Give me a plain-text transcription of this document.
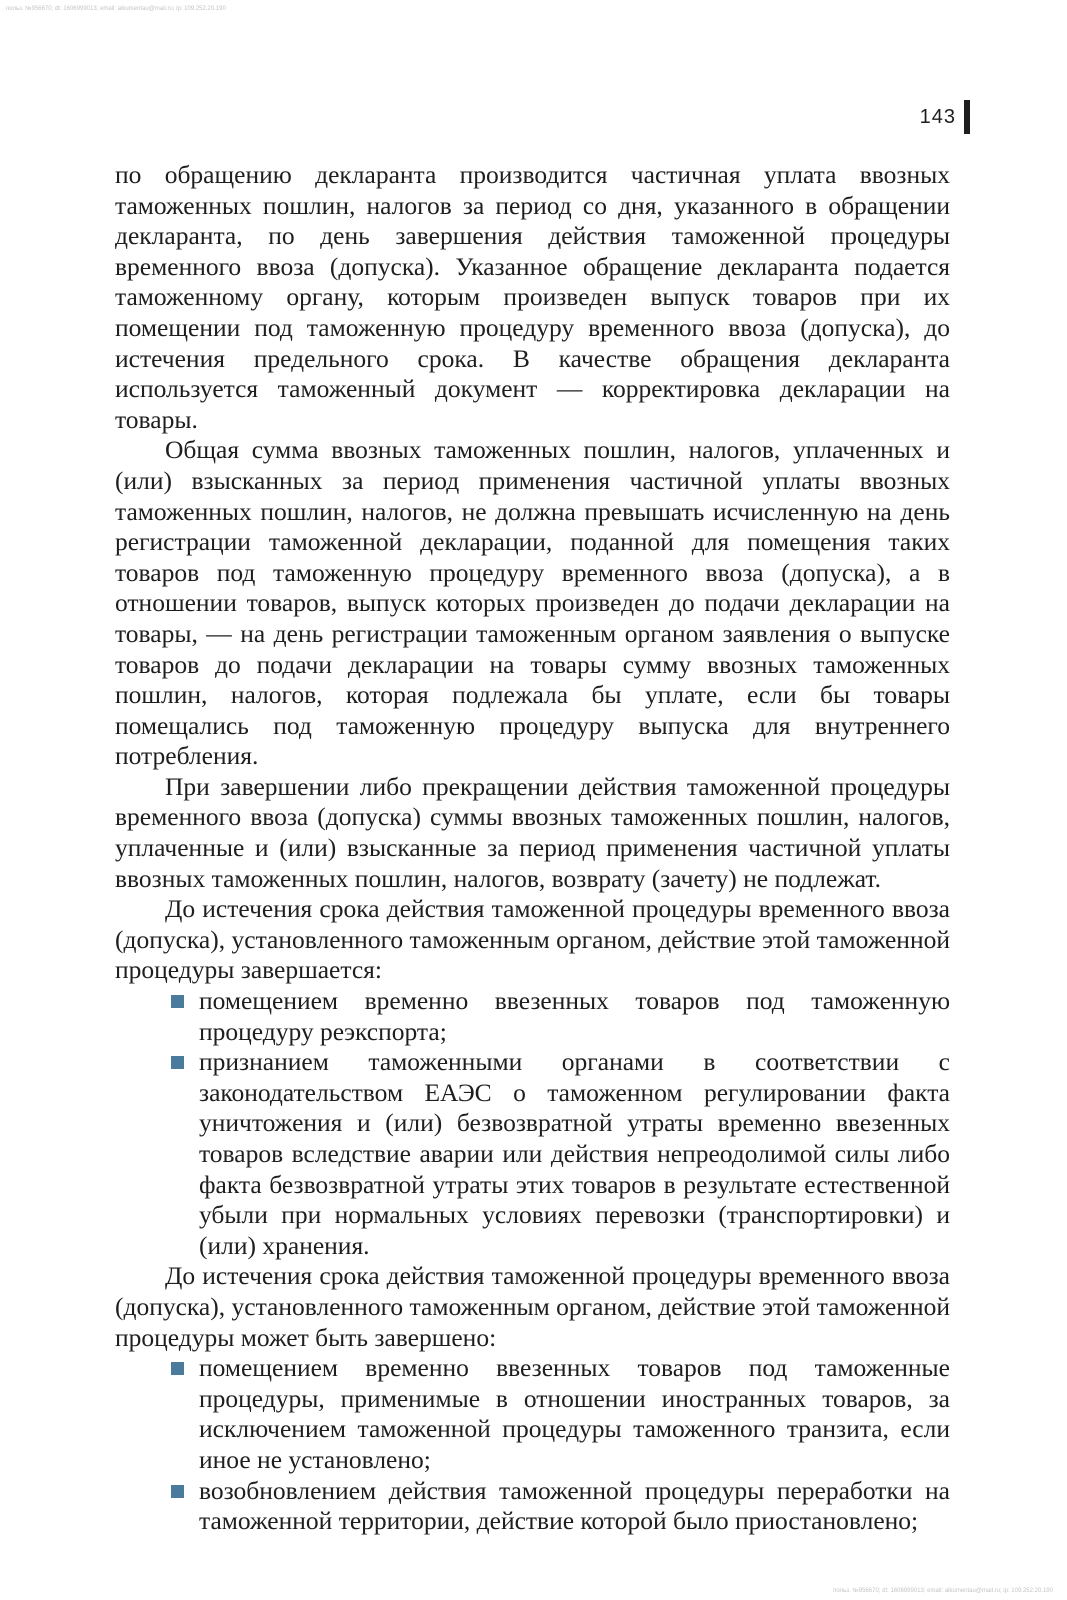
польз. №956670; dt: 1606999013; email: alkumentau@mail.ru; ip: 109.252.20.190
143

по обращению декларанта производится частичная уплата ввозных таможенных пошлин, налогов за период со дня, указанного в обращении декларанта, по день завершения действия таможенной процедуры временного ввоза (допуска). Указанное обращение декларанта подается таможенному органу, которым произведен выпуск товаров при их помещении под таможенную процедуру временного ввоза (допуска), до истечения предельного срока. В качестве обращения декларанта используется таможенный документ — корректировка декларации на товары.

Общая сумма ввозных таможенных пошлин, налогов, уплаченных и (или) взысканных за период применения частичной уплаты ввозных таможенных пошлин, налогов, не должна превышать исчисленную на день регистрации таможенной декларации, поданной для помещения таких товаров под таможенную процедуру временного ввоза (допуска), а в отношении товаров, выпуск которых произведен до подачи декларации на товары, — на день регистрации таможенным органом заявления о выпуске товаров до подачи декларации на товары сумму ввозных таможенных пошлин, налогов, которая подлежала бы уплате, если бы товары помещались под таможенную процедуру выпуска для внутреннего потребления.

При завершении либо прекращении действия таможенной процедуры временного ввоза (допуска) суммы ввозных таможенных пошлин, налогов, уплаченные и (или) взысканные за период применения частичной уплаты ввозных таможенных пошлин, налогов, возврату (зачету) не подлежат.

До истечения срока действия таможенной процедуры временного ввоза (допуска), установленного таможенным органом, действие этой таможенной процедуры завершается:

помещением временно ввезенных товаров под таможенную процедуру реэкспорта;
признанием таможенными органами в соответствии с законодательством ЕАЭС о таможенном регулировании факта уничтожения и (или) безвозвратной утраты временно ввезенных товаров вследствие аварии или действия непреодолимой силы либо факта безвозвратной утраты этих товаров в результате естественной убыли при нормальных условиях перевозки (транспортировки) и (или) хранения.

До истечения срока действия таможенной процедуры временного ввоза (допуска), установленного таможенным органом, действие этой таможенной процедуры может быть завершено:

помещением временно ввезенных товаров под таможенные процедуры, применимые в отношении иностранных товаров, за исключением таможенной процедуры таможенного транзита, если иное не установлено;
возобновлением действия таможенной процедуры переработки на таможенной территории, действие которой было приостановлено;
польз. №956670; dt: 1606999013; email: alkumentau@mail.ru; ip: 109.252.20.190
